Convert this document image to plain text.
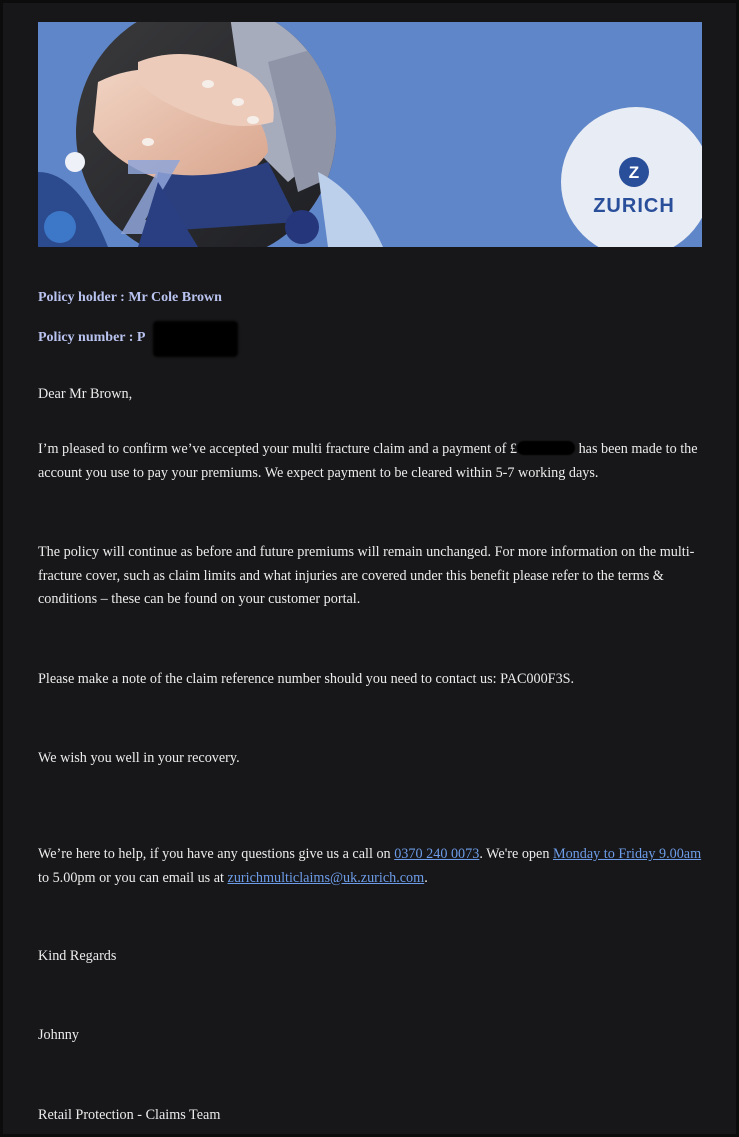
Z
ZURICH
Policy holder : Mr Cole Brown
Policy number : P
Dear Mr Brown,
I’m pleased to confirm we’ve accepted your multi fracture claim and a payment of £	has been made to the account you use to pay your premiums. We expect payment to be cleared within 5-7 working days.
The policy will continue as before and future premiums will remain unchanged. For more information on the multi-fracture cover, such as claim limits and what injuries are covered under this benefit please refer to the terms & conditions – these can be found on your customer portal.
Please make a note of the claim reference number should you need to contact us: PAC000F3S.
We wish you well in your recovery.
We’re here to help, if you have any questions give us a call on 0370 240 0073. We're open Monday to Friday 9.00am to 5.00pm or you can email us at zurichmulticlaims@uk.zurich.com.
Kind Regards
Johnny
Retail Protection - Claims Team
